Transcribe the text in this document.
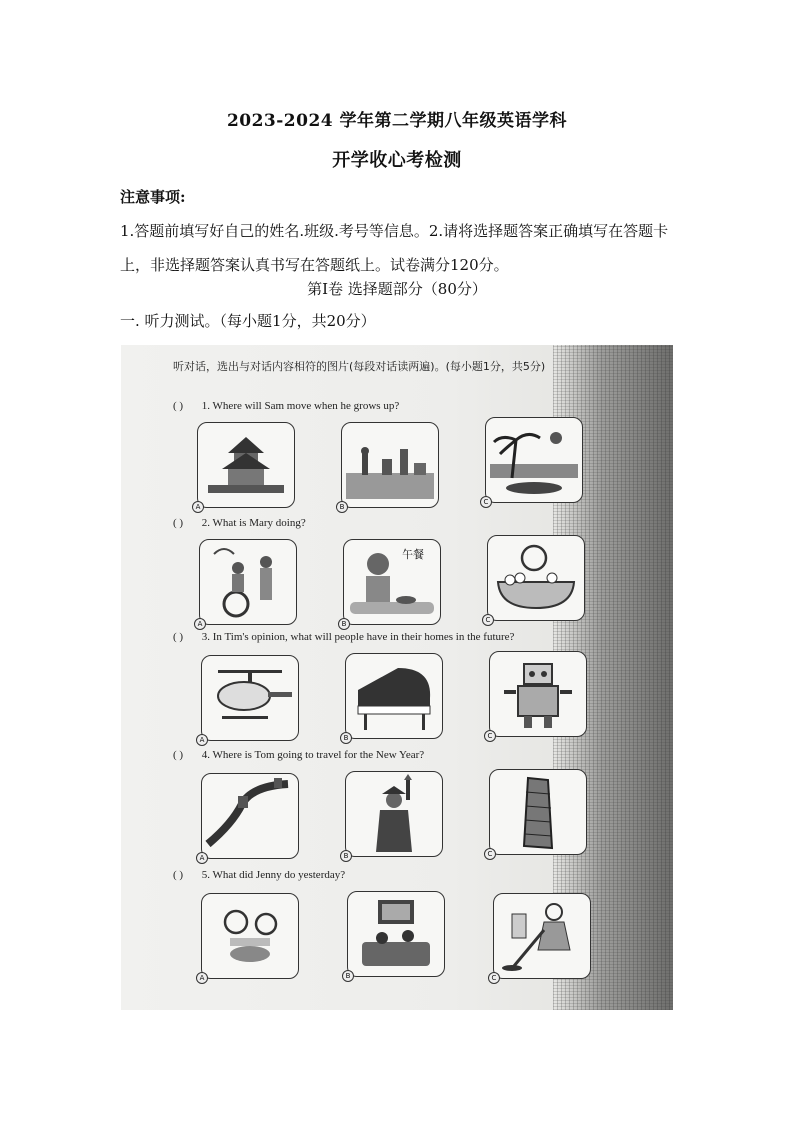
2023-2024 学年第二学期八年级英语学科
开学收心考检测
注意事项:
1.答题前填写好自己的姓名.班级.考号等信息。2.请将选择题答案正确填写在答题卡上，非选择题答案认真书写在答题纸上。试卷满分120分。
第Ⅰ卷 选择题部分（80分）
一. 听力测试。（每小题1分，共20分）
听对话，选出与对话内容相符的图片(每段对话读两遍)。(每小题1分，共5分)
( ) 1. Where will Sam move when he grows up?
A	B
C
( ) 2. What is Mary doing?
A
午餐
B	C
( ) 3. In Tim's opinion, what will people have in their homes in the future?
A	B	C
( ) 4. Where is Tom going to travel for the New Year?
A	B	C
( ) 5. What did Jenny do yesterday?
A	B	C
